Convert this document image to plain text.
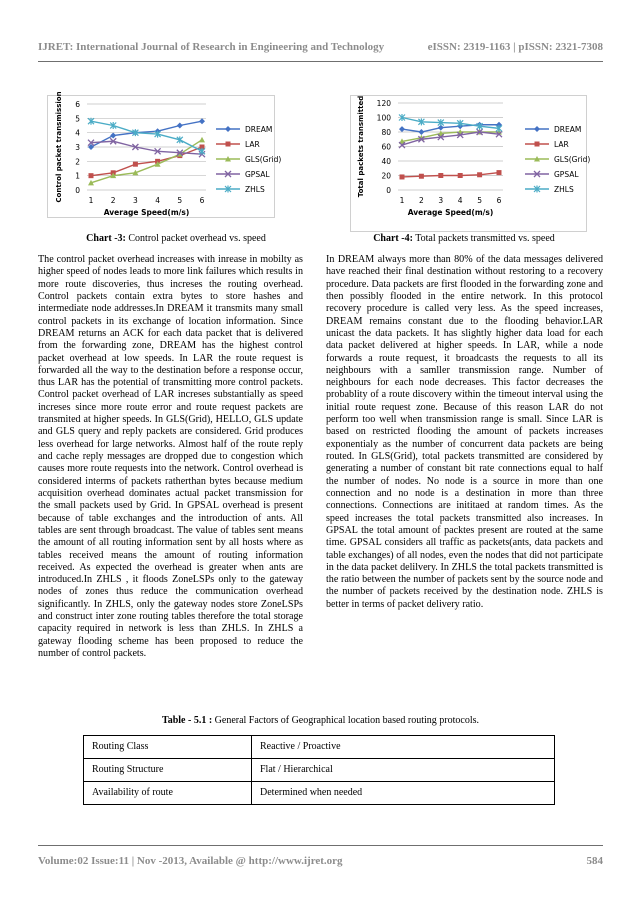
IJRET: International Journal of Research in Engineering and Technology	eISSN: 2319-1163 | pISSN: 2321-7308
0
1
2
3
4
5
6
1 2 3 4 5 6
Average Speed(m/s)
Control packet transmission	DREAM
LAR
GLS(Grid)
GPSAL
ZHLS
Chart -3: Control packet overhead vs. speed
0
20
40
60
80
100
120
1 2 3 4 5 6
Average Speed(m/s)
Total packets transmitted	DREAM
LAR
GLS(Grid)
GPSAL
ZHLS
Chart -4: Total packets transmitted vs. speed

The control packet overhead increases with inrease in mobilty as higher speed of nodes leads to more link failures which results in more route discoveries, thus increses the routing overhead. Control packets contain extra bytes to store hashes and intermediate node addresses.In DREAM it transmits many small control packets in its exchange of location information. Since DREAM returns an ACK for each data packet that is delivered from the forwarding zone, DREAM has the highest control packet overhead at low speeds. In LAR the route request is forwarded all the way to the destination before a response occur, thus LAR has the potential of transmitting more control packets. Control packet overhead of LAR increses substantially as speed increses since more route error and route request packets are transmited at higher speeds. In GLS(Grid), HELLO, GLS update and GLS query and reply packets are considered. Grid produces less overhead for large networks. Almost half of the route reply and cache reply messages are dropped due to congestion which causes more route requests into the network. Control overhead is considered interms of packets ratherthan bytes because medium acquisition overhead dominates actual packet transmission for the small packets used by Grid. In GPSAL overhead is present because of table exchanges and the introduction of ants. All tables are sent through broadcast. The value of tables sent means the amount of all routing information sent by all hosts where as tables received means the amount of routing information received. As expected the overhead is greater when ants are introduced.In ZHLS , it floods ZoneLSPs only to the gateway nodes of zones thus reduce the communication overhead significantly. In ZHLS, only the gateway nodes store ZoneLSPs and construct inter zone routing tables therefore the total storage capacity required in network is less than ZHLS. In ZHLS a gateway flooding scheme has been proposed to reduce the number of control packets.

In DREAM always more than 80% of the data messages delivered have reached their final destination without restoring to a recovery procedure. Data packets are first flooded in the forwarding zone and then possibly flooded in the entire network. In this protocol recovery procedure is called very less. As the speed increases, DREAM remains constant due to the flooding behavior.LAR unicast the data packets. It has slightly higher data load for each data packet delivered at higher speeds. In LAR, while a node forwards a route request, it broadcasts the requests to all its neighbours with a samller transmission range. Number of neighbours for each node decreases. This factor decreases the probablity of a route discovery within the timeout interval using the initial route request zone. Because of this reason LAR do not perform too well when transmission range is small. Since LAR is based on restricted flooding the amount of packets increases exponentialy as the number of concurrent data packets are being routed. In GLS(Grid), total packets transmitted are considered by generating a number of constant bit rate connections equal to half the number of nodes. No node is a source in more than one connection and no node is a destination in more than three connections. Connections are inititaed at random times. As the speed increases the total packets transmitted also increases. In GPSAL the total amount of packtes present are routed at the same time. GPSAL considers all traffic as packets(ants, data packets and table exchanges) of all nodes, even the nodes that did not participate in the data packet delilvery. In ZHLS the total packets transmitted is the ratio between the number of packets sent by the source node and the number of packets received by the destination node. ZHLS is better in terms of packet delivery ratio.

Table - 5.1 : General Factors of Geographical location based routing protocols.
Routing Class	Reactive / Proactive
Routing Structure	Flat / Hierarchical
Availability of route	Determined when needed
Volume:02 Issue:11 | Nov -2013, Available @ http://www.ijret.org	584
